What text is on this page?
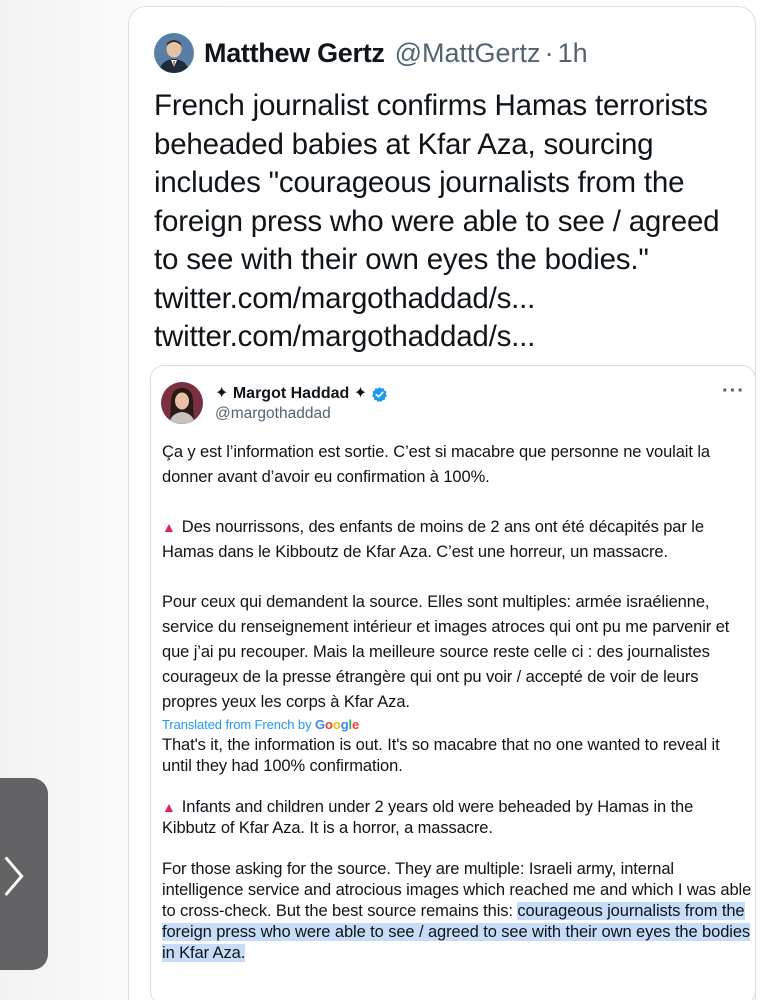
〉
Matthew Gertz @MattGertz · 1h
French journalist confirms Hamas terrorists beheaded babies at Kfar Aza, sourcing includes "courageous journalists from the foreign press who were able to see / agreed to see with their own eyes the bodies." twitter.com/margothaddad/s...
twitter.com/margothaddad/s...
✦ Margot Haddad ✦
@margothaddad
···
Ça y est l’information est sortie. C’est si macabre que personne ne voulait la donner avant d’avoir eu confirmation à 100%.
▲ Des nourrissons, des enfants de moins de 2 ans ont été décapités par le Hamas dans le Kibboutz de Kfar Aza. C’est une horreur, un massacre.
Pour ceux qui demandent la source. Elles sont multiples: armée israélienne, service du renseignement intérieur et images atroces qui ont pu me parvenir et que j’ai pu recouper. Mais la meilleure source reste celle ci : des journalistes courageux de la presse étrangère qui ont pu voir / accepté de voir de leurs propres yeux les corps à Kfar Aza.
Translated from French by Google
That's it, the information is out. It's so macabre that no one wanted to reveal it until they had 100% confirmation.
▲ Infants and children under 2 years old were beheaded by Hamas in the Kibbutz of Kfar Aza. It is a horror, a massacre.
For those asking for the source. They are multiple: Israeli army, internal intelligence service and atrocious images which reached me and which I was able to cross-check. But the best source remains this: courageous journalists from the foreign press who were able to see / agreed to see with their own eyes the bodies in Kfar Aza.
